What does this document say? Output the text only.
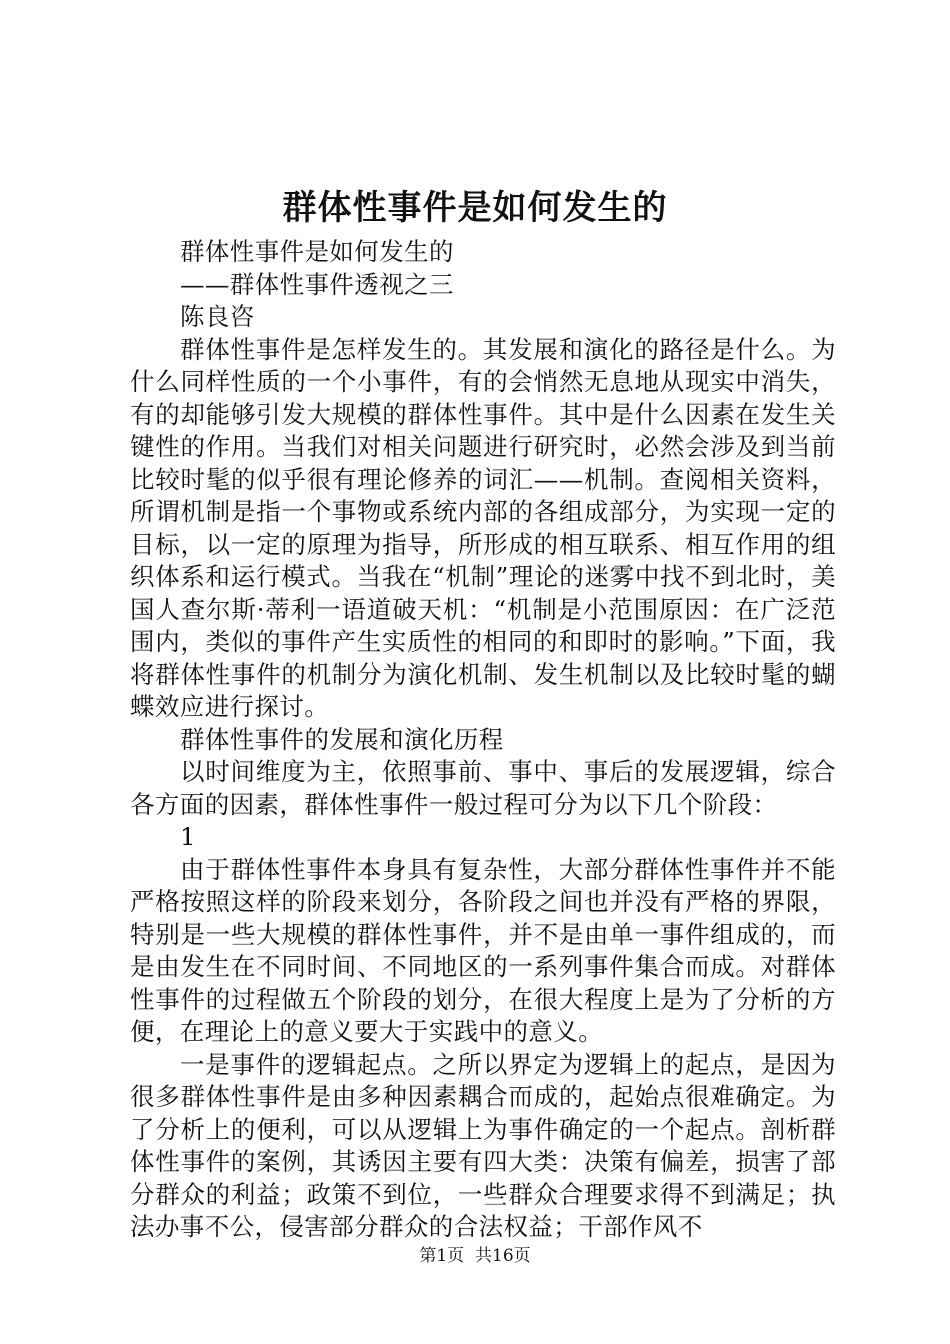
群体性事件是如何发生的

群体性事件是如何发生的

——群体性事件透视之三

陈良咨

群体性事件是怎样发生的。其发展和演化的路径是什么。为什么同样性质的一个小事件，有的会悄然无息地从现实中消失，有的却能够引发大规模的群体性事件。其中是什么因素在发生关键性的作用。当我们对相关问题进行研究时，必然会涉及到当前比较时髦的似乎很有理论修养的词汇——机制。查阅相关资料，所谓机制是指一个事物或系统内部的各组成部分，为实现一定的目标，以一定的原理为指导，所形成的相互联系、相互作用的组织体系和运行模式。当我在“机制”理论的迷雾中找不到北时，美国人查尔斯·蒂利一语道破天机：“机制是小范围原因：在广泛范围内，类似的事件产生实质性的相同的和即时的影响。”下面，我将群体性事件的机制分为演化机制、发生机制以及比较时髦的蝴蝶效应进行探讨。

群体性事件的发展和演化历程

以时间维度为主，依照事前、事中、事后的发展逻辑，综合各方面的因素，群体性事件一般过程可分为以下几个阶段：

1

由于群体性事件本身具有复杂性，大部分群体性事件并不能严格按照这样的阶段来划分，各阶段之间也并没有严格的界限，特别是一些大规模的群体性事件，并不是由单一事件组成的，而是由发生在不同时间、不同地区的一系列事件集合而成。对群体性事件的过程做五个阶段的划分，在很大程度上是为了分析的方便，在理论上的意义要大于实践中的意义。

一是事件的逻辑起点。之所以界定为逻辑上的起点，是因为很多群体性事件是由多种因素耦合而成的，起始点很难确定。为了分析上的便利，可以从逻辑上为事件确定的一个起点。剖析群体性事件的案例，其诱因主要有四大类：决策有偏差，损害了部分群众的利益；政策不到位，一些群众合理要求得不到满足；执法办事不公，侵害部分群众的合法权益；干部作风不

第1页 共16页
